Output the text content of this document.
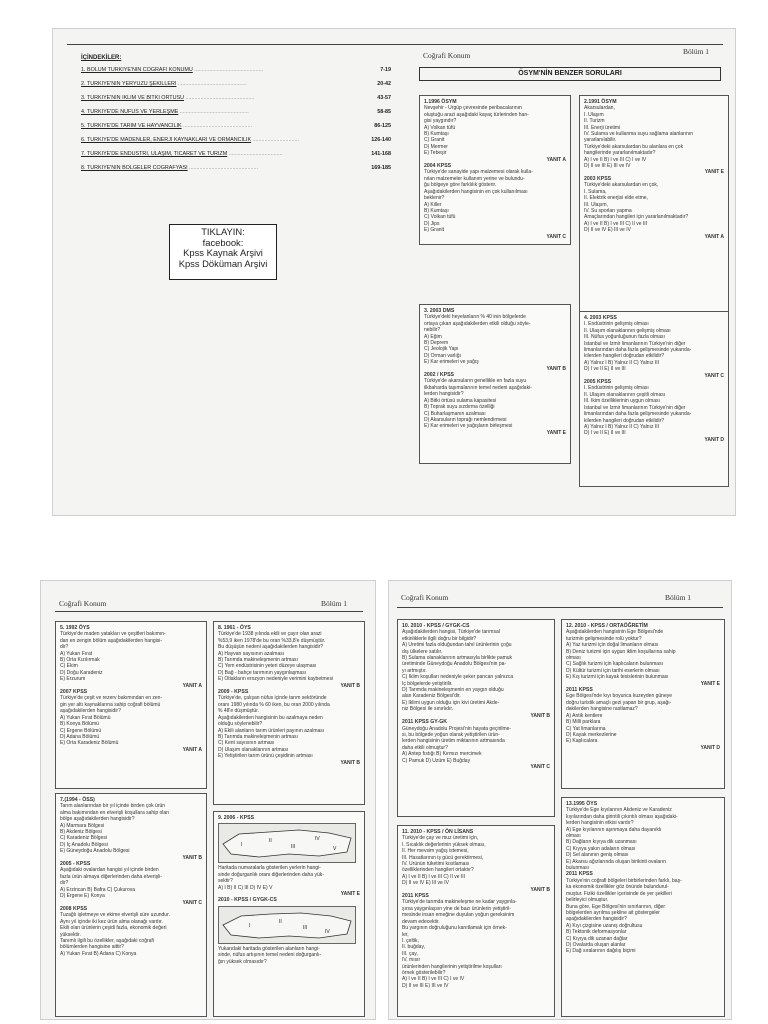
Coğrafi Konum	Bölüm 1
İÇİNDEKİLER:
1. BÖLÜM TÜRKİYE'NİN COĞRAFİ KONUMU ..............................................	7-19
2. TÜRKİYE'NİN YERYÜZÜ ŞEKİLLERİ ..............................................	20-42
3. TÜRKİYE'NİN İKLİM VE BİTKİ ÖRTÜSÜ ..............................................	43-57
4. TÜRKİYE'DE NÜFUS VE YERLEŞME ..............................................	58-85
5. TÜRKİYE'DE TARIM VE HAYVANCILIK ..............................................	86-125
6. TÜRKİYE'DE MADENLER, ENERJİ KAYNAKLARI VE ORMANCILIK ...............................	126-140
7. TÜRKİYE'DE ENDÜSTRİ, ULAŞIM, TİCARET VE TURİZM ....................................	141-168
8. TÜRKİYE'NİN BÖLGELER COĞRAFYASI ..............................................	169-185
TIKLAYIN:
facebook:
Kpss Kaynak Arşivi
Kpss Döküman Arşivi
ÖSYM'NİN BENZER SORULARI
1.1996 ÖSYM
Nevşehir - Ürgüp çevresinde peribacalarının
oluştuğu arazi aşağıdaki kayaç türlerinden han-
gisi yaygındır?
A) Volkan tüfü
B) Kumtaşı
C) Granit
D) Mermer
E) Tebeşir
YANIT A
2004 KPSS
Türkiye'de sanayide yapı malzemesi olarak kulla-
nılan malzemeler kullanım yerine ve bulundu-
ğu bölgeye göre farklılık gösterir.
Aşağıdakilerden hangisinin en çok kullanılması
beklenir?
A) Killer
B) Kumtaşı
C) Volkan tüfü
D) Jips
E) Granit
YANIT C
2.1991 ÖSYM
Akarsulardan,
I. Ulaşım
II. Turizm
III. Enerji üretimi
IV. Sulama ve kullanma suyu sağlama alanlarının
yararlanılabilir.
Türkiye'deki akarsulardan bu alanlara en çok
hangilerinde yararlanılmaktadır?
A) I ve II B) I ve III C) I ve IV
D) II ve III E) III ve IV
YANIT E
2003 KPSS
Türkiye'deki akarsulardan en çok,
I. Sulama,
II. Elektrik enerjisi elde etme,
III. Ulaşım,
IV. Su sporları yapma
Amaçlarından hangileri için yararlanılmaktadır?
A) I ve II B) I ve III C) II ve III
D) II ve IV E) III ve IV
YANIT A
3. 2003 DMS
Türkiye'deki heyelanların % 40 inin bölgelerde
ortaya çıkan aşağıdakilerden etkili olduğu söyle-
nebilir?
A) Eğim
B) Deprem
C) Jeolojik Yapı
D) Orman varlığı
E) Kar erimeleri ve yağış
YANIT B
2002 / KPSS
Türkiye'de akarsuların genellikle en fazla suyu
ilkbaharda taşımalarının temel nedeni aşağıdaki-
lerden hangisidir?
A) Bitki örtüsü sulama kapasitesi
B) Toprak suyu sızdırma özelliği
C) Buharlaşmanın azalması
D) Akarsuların toprağı nemlendirmesi
E) Kar erimeleri ve yağışların birleşmesi
YANIT E
4. 2003 KPSS
I. Endüstrinin gelişmiş olması
II. Ulaşım olanaklarının gelişmiş olması
III. Nüfus yoğunluğunun fazla olması
İstanbul ve İzmir limanlarının Türkiye'nin diğer
limanlarından daha fazla gelişmesinde yukarıda-
kilerden hangileri doğrudan etkilidir?
A) Yalnız I B) Yalnız II C) Yalnız III
D) I ve II E) II ve III
YANIT C
2005 KPSS
I. Endüstrinin gelişmiş olması
II. Ulaşım olanaklarının çeşitli olması
III. İkim özelliklerinin uygun olması
İstanbul ve İzmir limanlarının Türkiye'nin diğer
limanlarından daha fazla gelişmesinde yukarıda-
kilerden hangileri doğrudan etkilidir?
A) Yalnız I B) Yalnız II C) Yalnız III
D) I ve II E) II ve III
YANIT D
Coğrafi Konum	Bölüm 1
5. 1992 ÖYS
Türkiye'de maden yatakları ve çeşitleri bakımın-
dan en zengin bölüm aşağıdakilerden hangisi-
dir?
A) Yukarı Fırat
B) Orta Kızılırmak
C) Ekim
D) Doğu Karadeniz
E) Erzurum
YANIT A
2007 KPSS
Türkiye'de çeşit ve rezerv bakımından en zen-
gin yer altı kaynaklarına sahip coğrafi bölümü
aşağıdakilerden hangisidir?
A) Yukarı Fırat Bölümü
B) Konya Bölümü
C) Ergene Bölümü
D) Adana Bölümü
E) Orta Karadeniz Bölümü
YANIT A
7.(1994 - ÖSS)
Tarım alanlarından bir yıl içinde birden çok ürün
alma bakımından en elverişli koşullara sahip olan
bölge aşağıdakilerden hangisidir?
A) Marmara Bölgesi
B) Akdeniz Bölgesi
C) Karadeniz Bölgesi
D) İç Anadolu Bölgesi
E) Güneydoğu Anadolu Bölgesi
YANIT B
2005 - KPSS
Aşağıdaki ovalardan hangisi yıl içinde birden
fazla ürün almaya diğerlerinden daha elverişli-
dir?
A) Erzincan B) Bafra C) Çukurova
D) Ergene E) Konya
YANIT C
2008 KPSS
Tuzağlı işletmeye ve ekime elverişli süre uzundur.
Aynı yıl içinde iki kez ürün alma olanağı vardır.
Ekili olan ürünlerin çeşidi fazla, ekonomik değeri
yüksektir.
Tanımlı ilgili bu özellikler, aşağıdaki coğrafi
bölümlerden hangisine aittir?
A) Yukarı Fırat B) Adana C) Konya
8. 1961 - ÖYS
Türkiye'de 1938 yılında ekili ve çayır olan arazi
%53,9 iken 1978'de bu oran %33,8'e düşmüştür.
Bu düşüşün nedeni aşağıdakilerden hangisidir?
A) Hayvan sayısının azalması
B) Tarımda makineleşmenin artması
C) Yem endüstrisinin yeteri düzeye ulaşması
D) Bağ - bahçe tarımının yaygınlaşması
E) Otlakların erozyon nedeniyle verimini kaybetmesi
YANIT B
2009 - KPSS
Türkiye'de, çalışan nüfus içinde tarım sektöründe
oranı 1980 yılında % 60 iken, bu oran 2000 yılında
% 48'e düşmüştür.
Aşağıdakilerden hangisinin bu azalmaya neden
olduğu söylenebilir?
A) Ekili alanların tarım ürünleri payının azalması
B) Tarımda makineleşmenin artması
C) Kent sayısının artması
D) Ulaşım olanaklarının artması
E) Yetiştirilen tarım ürünü çeşidinin artması
YANIT B
9. 2006 - KPSS
I
II
III
IV
V
Haritada numaralarla gösterilen yerlerin hangi-
sinde doğurganlık oranı diğerlerinden daha yük-
sektir?
A) I B) II C) III D) IV E) V
YANIT E
2010 - KPSS / GYGK-CS
I
II
III
IV
Yukarıdaki haritada gösterilen alanların hangi-
sinde, nüfus artışının temel nedeni doğurganlı-
ğın yüksek olmasıdır?
Coğrafi Konum	Bölüm 1
10. 2010 - KPSS / GYGK-CS
Aşağıdakilerden hangisi, Türkiye'de tarımsal
etkinliklerle ilgili doğru bir bilgidir?
A) Üretimi fazla olduğundan tahıl ürünlerinin çoğu
dış ülkelere satılır.
B) Sulama olanaklarının artmasıyla birlikte pamuk
üretiminde Güneydoğu Anadolu Bölgesi'nin pa-
yı artmıştır.
C) İklim koşulları nedeniyle şeker pancarı yalnızca
İç bölgelerde yetiştirilir.
D) Tarımda makineleşmenin en yaygın olduğu
alan Karadeniz Bölgesi'dir.
E) İklimi uygun olduğu için kivi üretimi Akde-
niz Bölgesi ile sınırlıdır.
YANIT B
2011 KPSS GY-GK
Güneydoğu Anadolu Projesi'nin hayata geçirilme-
si, bu bölgede yoğun olarak yetiştirilen ürün-
lerden hangisinin üretim miktarının artmasında
daha etkili olmuştur?
A) Antep fıstığı B) Kırmızı mercimek
C) Pamuk D) Üzüm E) Buğday
YANIT C
11. 2010 - KPSS / ÖN LİSANS
Türkiye'de çay ve muz üretimi için,
I. Sıcaklık değerlerinin yüksek olması,
II. Her mevsim yağış istemesi,
III. Hasatlarının iş gücü gerektirmesi,
IV. Ürünün tüketimi kısıtlaması
özelliklerinden hangileri ortaktır?
A) I ve II B) I ve III C) II ve III
D) II ve IV E) III ve IV
YANIT B
2011 KPSS
Türkiye'de tarımda makineleşme ne kadar yaygınla-
şırsa yaygınlaşsın yine de bazı ürünlerin yetiştiril-
mesinde insan emeğine duyulan yoğun gereksinim
devam edecektir.
Bu yargının doğruluğunu kanıtlamak için örnek-
ler,
I. çeltik,
II. buğday,
III. çay,
IV. mısır
ürünlerinden hangilerinin yetiştirilme koşulları
örnek gösterilebilir?
A) I ve II B) I ve III C) I ve IV
D) II ve III E) III ve IV
12. 2010 - KPSS / ORTAÖĞRETİM
Aşağıdakilerden hangisinin Ege Bölgesi'nde
turizmin gelişmesinde rolü yoktur?
A) Yaz turizmi için doğal limanların olması
B) Deniz turizmi için uygun iklim koşullarına sahip
olması
C) Sağlık turizmi için kaplıcaların bulunması
D) Kültür turizmi için tarihi eserlerin olması
E) Kış turizmi için kayak tesislerinin bulunması
YANIT E
2011 KPSS
Ege Bölgesi'nde kıyı boyunca kuzeyden güneye
doğru turistik amaçlı gezi yapan bir grup, aşağı-
dakilerden hangisine rastlamaz?
A) Antik kentlere
B) Milli parklara
C) Yat limanlarına
D) Kayak merkezlerine
E) Kaplıcalara
YANIT D
13.1995 ÖYS
Türkiye'de Ege kıyılarının Akdeniz ve Karadeniz
kıyılarından daha girintili çıkıntılı olması aşağıdaki-
lerden hangisinin etkisi vardır?
A) Ege kıyılarının aşınmaya daha dayanıklı
olması
B) Dağların kıyıya dik uzanması
C) Kıyıya yakın adaların olması
D) Sel alanının geniş olması
E) Akarsu ağızlarında oluşan birikinti ovaların
bulunması
2011 KPSS
Türkiye'nin coğrafi bölgeleri birbirlerinden farklı, baş-
ka ekonomik özellikler göz önünde bulundurul-
muştur. Fiziki özellikler içerisinde de yer şekilleri
belirleyici olmuştur.
Buna göre, Ege Bölgesi'nin sınırlarının, diğer
bölgelerden ayrılma şekline ait göstergeler
aşağıdakilerden hangisidir?
A) Kıyı çizgisine uzanış doğrultusu
B) Tektonik deformasyonlar
C) Kıyıya dik uzanan dağlar
D) Ovalarda oluşan alanlar
E) Dağ sıralarının dağılış biçimi
